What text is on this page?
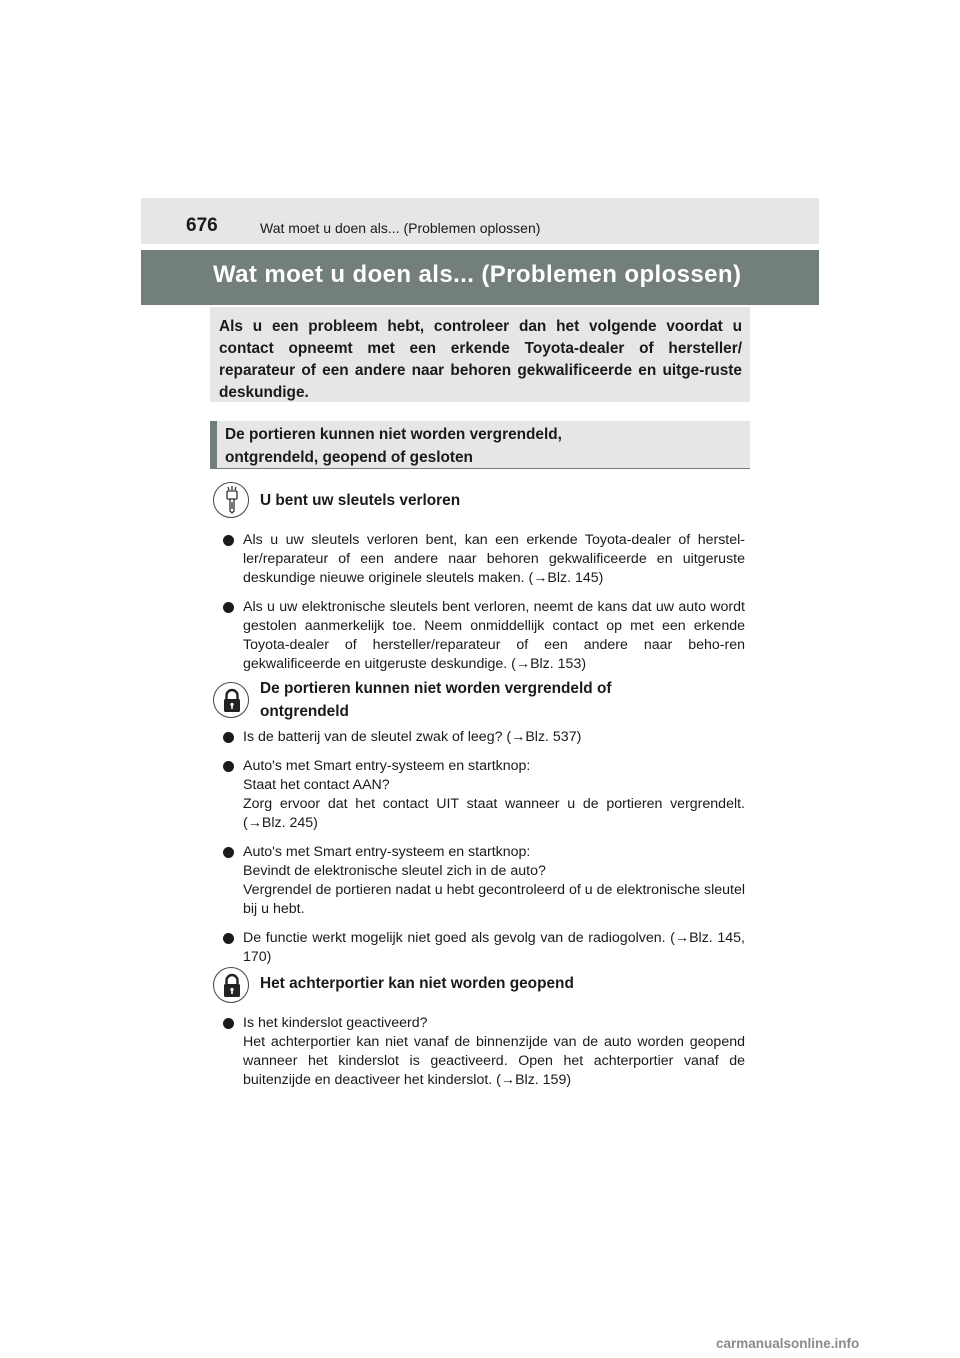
676	Wat moet u doen als... (Problemen oplossen)
Wat moet u doen als... (Problemen oplossen)

Als u een probleem hebt, controleer dan het volgende voordat u contact opneemt met een erkende Toyota-dealer of hersteller/ reparateur of een andere naar behoren gekwalificeerde en uitge-ruste deskundige.

De portieren kunnen niet worden vergrendeld,
ontgrendeld, geopend of gesloten
U bent uw sleutels verloren
Als u uw sleutels verloren bent, kan een erkende Toyota-dealer of herstel-ler/reparateur of een andere naar behoren gekwalificeerde en uitgeruste deskundige nieuwe originele sleutels maken. (→Blz. 145)
Als u uw elektronische sleutels bent verloren, neemt de kans dat uw auto wordt gestolen aanmerkelijk toe. Neem onmiddellijk contact op met een erkende Toyota-dealer of hersteller/reparateur of een andere naar beho-ren gekwalificeerde en uitgeruste deskundige. (→Blz. 153)
De portieren kunnen niet worden vergrendeld of
ontgrendeld
Is de batterij van de sleutel zwak of leeg? (→Blz. 537)
Auto's met Smart entry-systeem en startknop:
Staat het contact AAN?
Zorg ervoor dat het contact UIT staat wanneer u de portieren vergrendelt. (→Blz. 245)
Auto's met Smart entry-systeem en startknop:
Bevindt de elektronische sleutel zich in de auto?
Vergrendel de portieren nadat u hebt gecontroleerd of u de elektronische sleutel bij u hebt.
De functie werkt mogelijk niet goed als gevolg van de radiogolven. (→Blz. 145, 170)
Het achterportier kan niet worden geopend
Is het kinderslot geactiveerd?
Het achterportier kan niet vanaf de binnenzijde van de auto worden geopend wanneer het kinderslot is geactiveerd. Open het achterportier vanaf de buitenzijde en deactiveer het kinderslot. (→Blz. 159)
carmanualsonline.info
